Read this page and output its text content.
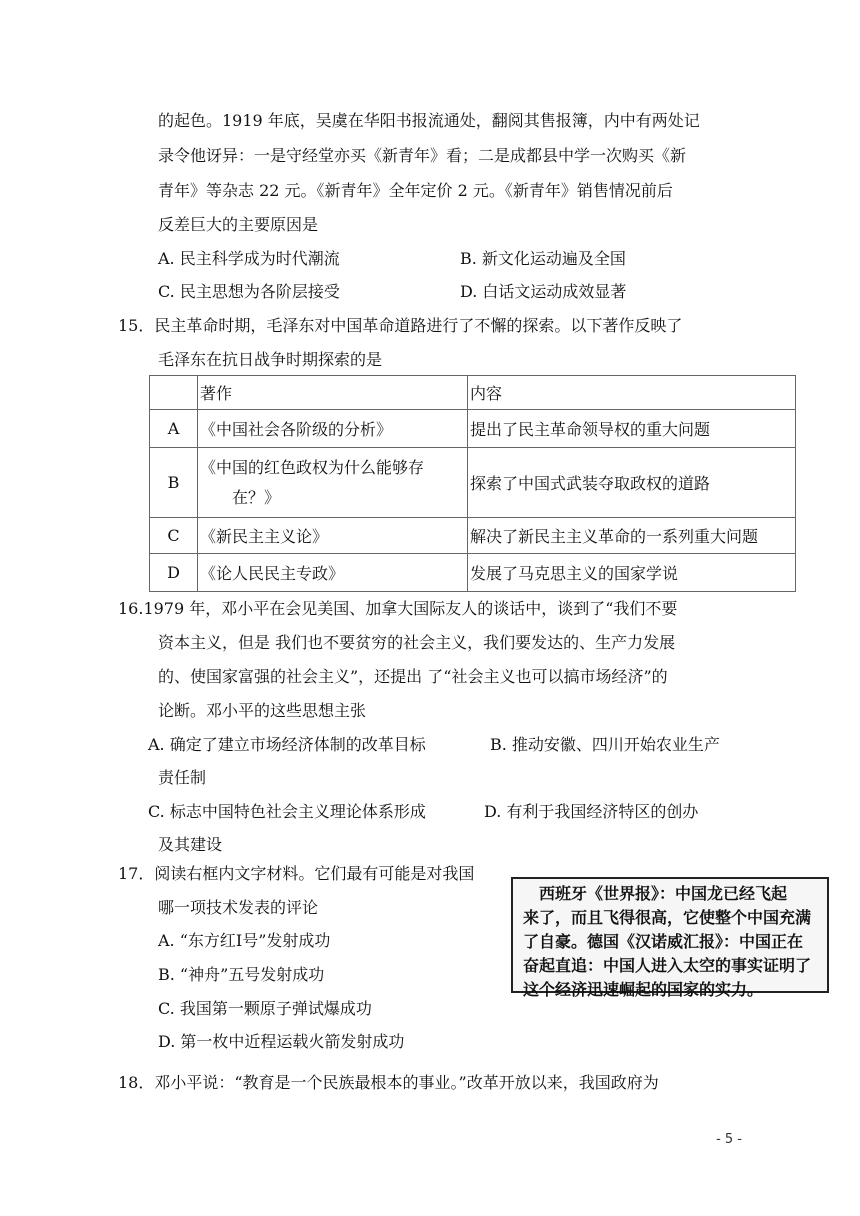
的起色。1919 年底，吴虞在华阳书报流通处，翻阅其售报簿，内中有两处记
录令他讶异：一是守经堂亦买《新青年》看；二是成都县中学一次购买《新
青年》等杂志 22 元。《新青年》全年定价 2 元。《新青年》销售情况前后
反差巨大的主要原因是
A. 民主科学成为时代潮流	B. 新文化运动遍及全国
C. 民主思想为各阶层接受	D. 白话文运动成效显著
15．民主革命时期，毛泽东对中国革命道路进行了不懈的探索。以下著作反映了
毛泽东在抗日战争时期探索的是
	著作	内容
A	《中国社会各阶级的分析》	提出了民主革命领导权的重大问题
B	《中国的红色政权为什么能够存
在？》	探索了中国式武装夺取政权的道路
C	《新民主主义论》	解决了新民主主义革命的一系列重大问题
D	《论人民民主专政》	发展了马克思主义的国家学说
16.1979 年，邓小平在会见美国、加拿大国际友人的谈话中，谈到了“我们不要
资本主义，但是 我们也不要贫穷的社会主义，我们要发达的、生产力发展
的、使国家富强的社会主义”，还提出 了“社会主义也可以搞市场经济”的
论断。邓小平的这些思想主张
A. 确定了建立市场经济体制的改革目标	B. 推动安徽、四川开始农业生产
责任制
C. 标志中国特色社会主义理论体系形成	D. 有利于我国经济特区的创办
及其建设
17．阅读右框内文字材料。它们最有可能是对我国
哪一项技术发表的评论
A. “东方红Ⅰ号”发射成功
B. “神舟”五号发射成功
C. 我国第一颗原子弹试爆成功
D. 第一枚中近程运载火箭发射成功
　西班牙《世界报》：中国龙已经飞起
来了，而且飞得很高，它使整个中国充满
了自豪。德国《汉诺威汇报》：中国正在
奋起直追：中国人进入太空的事实证明了
这个经济迅速崛起的国家的实力。
18．邓小平说：“教育是一个民族最根本的事业。”改革开放以来，我国政府为
- 5 -
